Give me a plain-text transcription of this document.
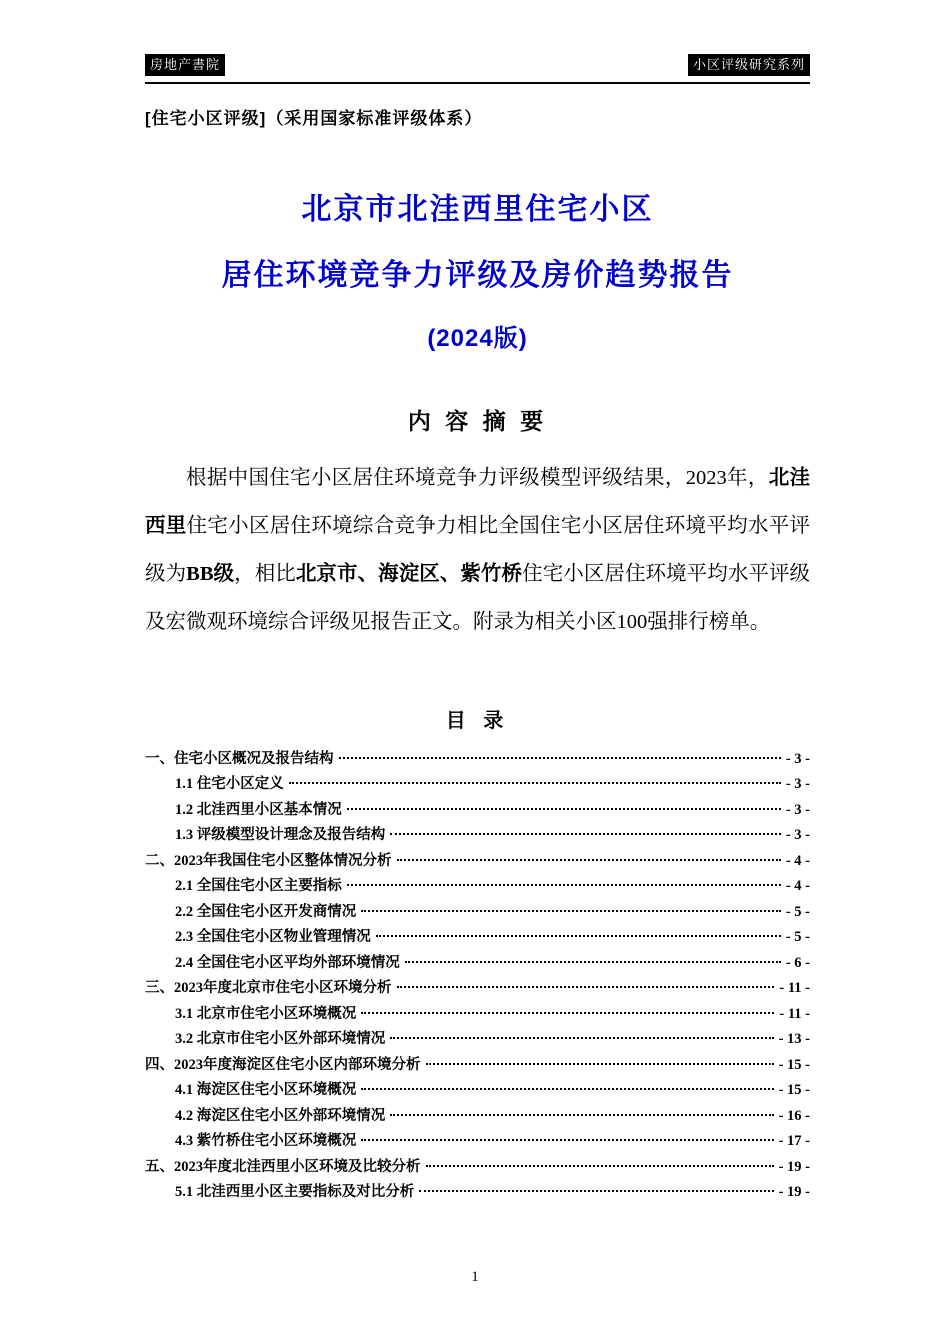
房地产書院	小区评级研究系列
[住宅小区评级]（采用国家标准评级体系）
北京市北洼西里住宅小区
居住环境竞争力评级及房价趋势报告
(2024版)
内 容 摘 要

根据中国住宅小区居住环境竞争力评级模型评级结果，2023年，北洼西里住宅小区居住环境综合竞争力相比全国住宅小区居住环境平均水平评级为BB级，相比北京市、海淀区、紫竹桥住宅小区居住环境平均水平评级及宏微观环境综合评级见报告正文。附录为相关小区100强排行榜单。

目 录
一、住宅小区概况及报告结构	- 3 -
1.1 住宅小区定义	- 3 -
1.2 北洼西里小区基本情况	- 3 -
1.3 评级模型设计理念及报告结构	- 3 -
二、2023年我国住宅小区整体情况分析	- 4 -
2.1 全国住宅小区主要指标	- 4 -
2.2 全国住宅小区开发商情况	- 5 -
2.3 全国住宅小区物业管理情况	- 5 -
2.4 全国住宅小区平均外部环境情况	- 6 -
三、2023年度北京市住宅小区环境分析	- 11 -
3.1 北京市住宅小区环境概况	- 11 -
3.2 北京市住宅小区外部环境情况	- 13 -
四、2023年度海淀区住宅小区内部环境分析	- 15 -
4.1 海淀区住宅小区环境概况	- 15 -
4.2 海淀区住宅小区外部环境情况	- 16 -
4.3 紫竹桥住宅小区环境概况	- 17 -
五、2023年度北洼西里小区环境及比较分析	- 19 -
5.1 北洼西里小区主要指标及对比分析	- 19 -
1
